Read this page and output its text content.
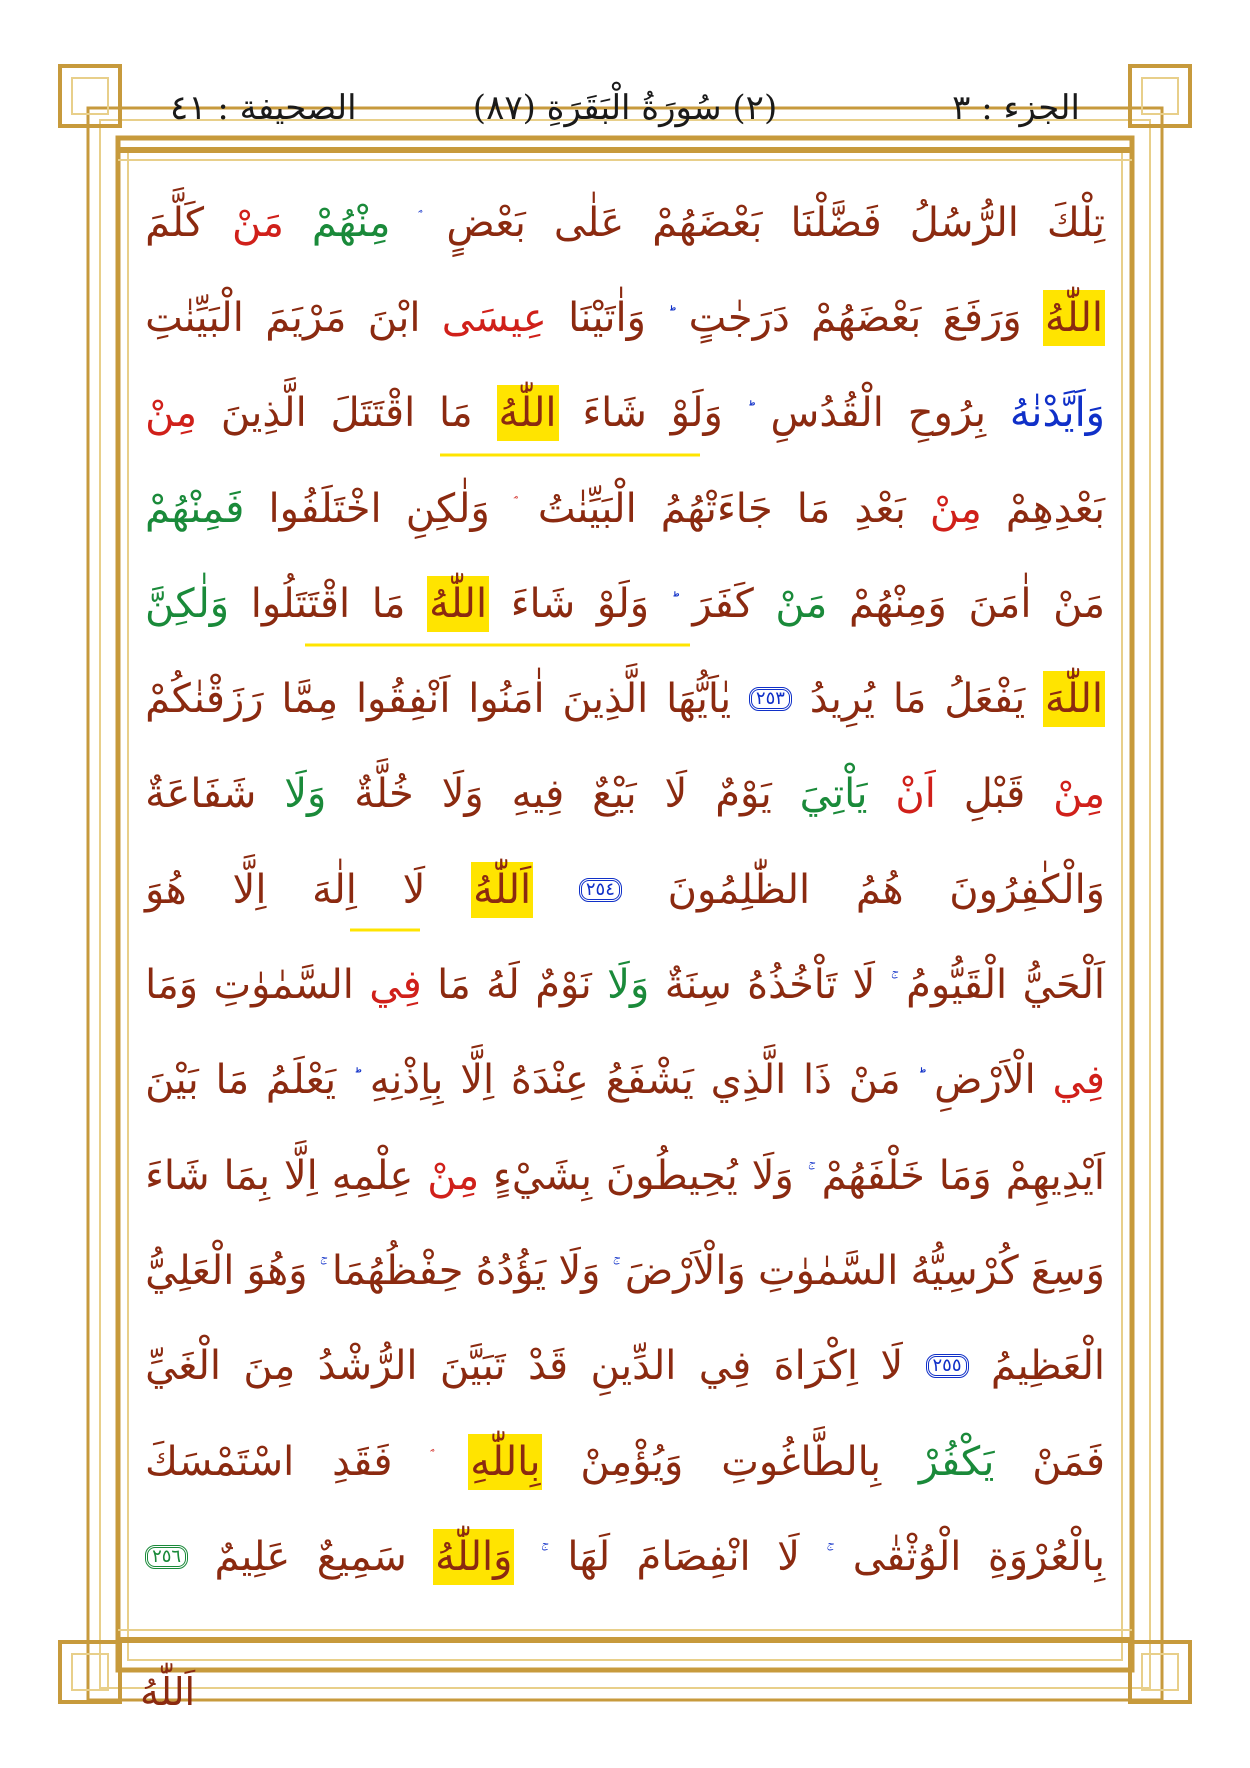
الجزء : ٣
(٢) سُورَةُ الْبَقَرَةِ (٨٧)
الصحيفة : ٤١
تِلْكَ
الرُّسُلُ
فَضَّلْنَا
بَعْضَهُمْ
عَلٰى
بَعْضٍ
مِنْهُمْ
مَنْ
كَلَّمَ
اللّٰهُ
وَرَفَعَ
بَعْضَهُمْ
دَرَجٰتٍ
وَاٰتَيْنَا
عِيسَى
ابْنَ
مَرْيَمَ
الْبَيِّنٰتِ
وَاَيَّدْنٰهُ
بِرُوحِ
الْقُدُسِ
وَلَوْ
شَاءَ
اللّٰهُ
مَا
اقْتَتَلَ
الَّذِينَ
مِنْ
بَعْدِهِمْ
مِنْ
بَعْدِ
مَا
جَاءَتْهُمُ
الْبَيِّنٰتُ
وَلٰكِنِ
اخْتَلَفُوا
فَمِنْهُمْ
مَنْ
اٰمَنَ
وَمِنْهُمْ
مَنْ
كَفَرَ
وَلَوْ
شَاءَ
اللّٰهُ
مَا
اقْتَتَلُوا
وَلٰكِنَّ
اللّٰهَ
يَفْعَلُ
مَا
يُرِيدُ
٢٥٣
يٰاَيُّهَا
الَّذِينَ
اٰمَنُوا
اَنْفِقُوا
مِمَّا
رَزَقْنٰكُمْ
مِنْ
قَبْلِ
اَنْ
يَاْتِيَ
يَوْمٌ
لَا
بَيْعٌ
فِيهِ
وَلَا
خُلَّةٌ
وَلَا
شَفَاعَةٌ
وَالْكٰفِرُونَ
هُمُ
الظّٰلِمُونَ
٢٥٤
اَللّٰهُ
لَا
اِلٰهَ
اِلَّا
هُوَ
اَلْحَيُّ
الْقَيُّومُ
لَا
تَاْخُذُهُ
سِنَةٌ
وَلَا
نَوْمٌ
لَهُ
مَا
فِي
السَّمٰوٰتِ
وَمَا
فِي
الْاَرْضِ
مَنْ
ذَا
الَّذِي
يَشْفَعُ
عِنْدَهُ
اِلَّا
بِاِذْنِهِ
يَعْلَمُ
مَا
بَيْنَ
اَيْدِيهِمْ
وَمَا
خَلْفَهُمْ
وَلَا
يُحِيطُونَ
بِشَيْءٍ
مِنْ
عِلْمِهِ
اِلَّا
بِمَا
شَاءَ
وَسِعَ
كُرْسِيُّهُ
السَّمٰوٰتِ
وَالْاَرْضَ
وَلَا
يَؤُدُهُ
حِفْظُهُمَا
وَهُوَ
الْعَلِيُّ
الْعَظِيمُ
٢٥٥
لَا
اِكْرَاهَ
فِي
الدِّينِ
قَدْ
تَبَيَّنَ
الرُّشْدُ
مِنَ
الْغَيِّ
فَمَنْ
يَكْفُرْ
بِالطَّاغُوتِ
وَيُؤْمِنْ
بِاللّٰهِ
فَقَدِ
اسْتَمْسَكَ
بِالْعُرْوَةِ
الْوُثْقٰى
لَا
انْفِصَامَ
لَهَا
وَاللّٰهُ
سَمِيعٌ
عَلِيمٌ
٢٥٦
اَللّٰهُ
